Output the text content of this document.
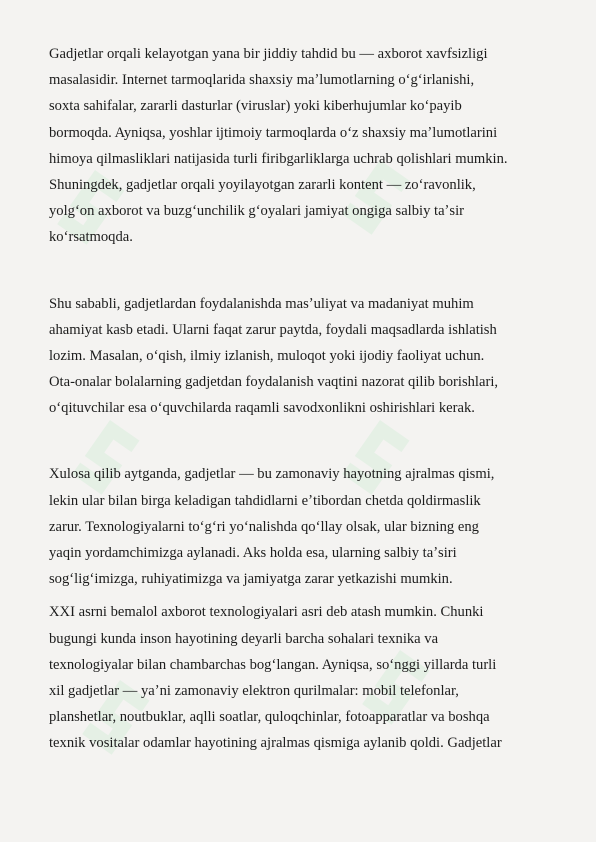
Gadjetlar orqali kelayotgan yana bir jiddiy tahdid bu — axborot xavfsizligi
masalasidir. Internet tarmoqlarida shaxsiy maʼlumotlarning oʻgʻirlanishi,
soxta sahifalar, zararli dasturlar (viruslar) yoki kiberhujumlar koʻpayib
bormoqda. Ayniqsa, yoshlar ijtimoiy tarmoqlarda oʻz shaxsiy maʼlumotlarini
himoya qilmasliklari natijasida turli firibgarliklarga uchrab qolishlari mumkin.
Shuningdek, gadjetlar orqali yoyilayotgan zararli kontent — zoʻravonlik,
yolgʻon axborot va buzgʻunchilik gʻoyalari jamiyat ongiga salbiy taʼsir
koʻrsatmoqda.
Shu sababli, gadjetlardan foydalanishda masʼuliyat va madaniyat muhim
ahamiyat kasb etadi. Ularni faqat zarur paytda, foydali maqsadlarda ishlatish
lozim. Masalan, oʻqish, ilmiy izlanish, muloqot yoki ijodiy faoliyat uchun.
Ota-onalar bolalarning gadjetdan foydalanish vaqtini nazorat qilib borishlari,
oʻqituvchilar esa oʻquvchilarda raqamli savodxonlikni oshirishlari kerak.
Xulosa qilib aytganda, gadjetlar — bu zamonaviy hayotning ajralmas qismi,
lekin ular bilan birga keladigan tahdidlarni eʼtibordan chetda qoldirmaslik
zarur. Texnologiyalarni toʻgʻri yoʻnalishda qoʻllay olsak, ular bizning eng
yaqin yordamchimizga aylanadi. Aks holda esa, ularning salbiy taʼsiri
sogʻligʻimizga, ruhiyatimizga va jamiyatga zarar yetkazishi mumkin.
XXI asrni bemalol axborot texnologiyalari asri deb atash mumkin. Chunki
bugungi kunda inson hayotining deyarli barcha sohalari texnika va
texnologiyalar bilan chambarchas bogʻlangan. Ayniqsa, soʻnggi yillarda turli
xil gadjetlar — yaʼni zamonaviy elektron qurilmalar: mobil telefonlar,
planshetlar, noutbuklar, aqlli soatlar, quloqchinlar, fotoapparatlar va boshqa
texnik vositalar odamlar hayotining ajralmas qismiga aylanib qoldi. Gadjetlar
